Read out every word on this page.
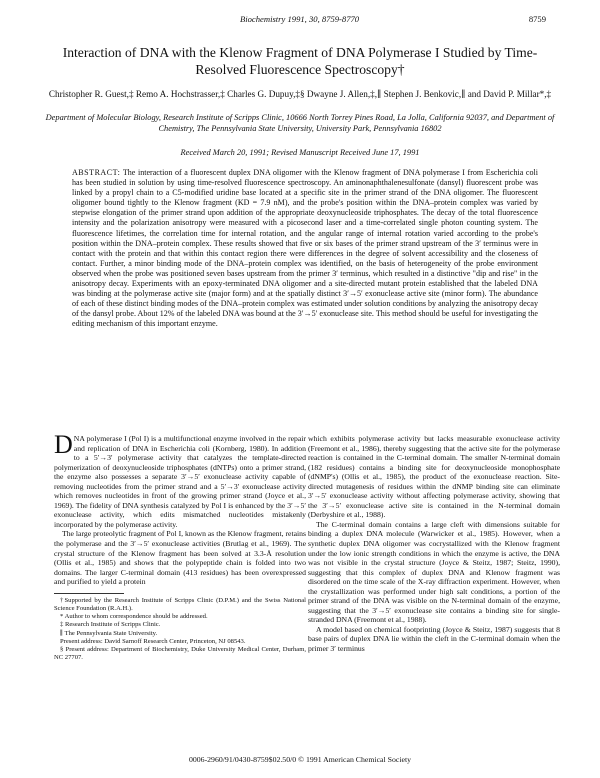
Biochemistry 1991, 30, 8759-8770	8759
Interaction of DNA with the Klenow Fragment of DNA Polymerase I Studied by Time-Resolved Fluorescence Spectroscopy†
Christopher R. Guest,‡ Remo A. Hochstrasser,‡ Charles G. Dupuy,‡§ Dwayne J. Allen,‡,∥ Stephen J. Benkovic,∥ and David P. Millar*,‡
Department of Molecular Biology, Research Institute of Scripps Clinic, 10666 North Torrey Pines Road, La Jolla, California 92037, and Department of Chemistry, The Pennsylvania State University, University Park, Pennsylvania 16802
Received March 20, 1991; Revised Manuscript Received June 17, 1991
ABSTRACT: The interaction of a fluorescent duplex DNA oligomer with the Klenow fragment of DNA polymerase I from Escherichia coli has been studied in solution by using time-resolved fluorescence spectroscopy. An aminonaphthalenesulfonate (dansyl) fluorescent probe was linked by a propyl chain to a C5-modified uridine base located at a specific site in the primer strand of the DNA oligomer. The fluorescent oligomer bound tightly to the Klenow fragment (KD = 7.9 nM), and the probe's position within the DNA–protein complex was varied by stepwise elongation of the primer strand upon addition of the appropriate deoxynucleoside triphosphates. The decay of the total fluorescence intensity and the polarization anisotropy were measured with a picosecond laser and a time-correlated single photon counting system. The fluorescence lifetimes, the correlation time for internal rotation, and the angular range of internal rotation varied according to the probe's position within the DNA–protein complex. These results showed that five or six bases of the primer strand upstream of the 3′ terminus were in contact with the protein and that within this contact region there were differences in the degree of solvent accessibility and the closeness of contact. Further, a minor binding mode of the DNA–protein complex was identified, on the basis of heterogeneity of the probe environment observed when the probe was positioned seven bases upstream from the primer 3′ terminus, which resulted in a distinctive "dip and rise" in the anisotropy decay. Experiments with an epoxy-terminated DNA oligomer and a site-directed mutant protein established that the labeled DNA was binding at the polymerase active site (major form) and at the spatially distinct 3′→5′ exonuclease active site (minor form). The abundance of each of these distinct binding modes of the DNA–protein complex was estimated under solution conditions by analyzing the anisotropy decay of the dansyl probe. About 12% of the labeled DNA was bound at the 3′→5′ exonuclease site. This method should be useful for investigating the editing mechanism of this important enzyme.

DNA polymerase I (Pol I) is a multifunctional enzyme involved in the repair and replication of DNA in Escherichia coli (Kornberg, 1980). In addition to a 5′→3′ polymerase activity that catalyzes the template-directed polymerization of deoxynucleoside triphosphates (dNTPs) onto a primer strand, the enzyme also possesses a separate 3′→5′ exonuclease activity capable of removing nucleotides from the primer strand and a 5′→3′ exonuclease activity which removes nucleotides in front of the growing primer strand (Joyce et al., 1969). The fidelity of DNA synthesis catalyzed by Pol I is enhanced by the 3′→5′ exonuclease activity, which edits mismatched nucleotides mistakenly incorporated by the polymerase activity.

The large proteolytic fragment of Pol I, known as the Klenow fragment, retains the polymerase and the 3′→5′ exonuclease activities (Brutlag et al., 1969). The crystal structure of the Klenow fragment has been solved at 3.3-Å resolution (Ollis et al., 1985) and shows that the polypeptide chain is folded into two domains. The larger C-terminal domain (413 residues) has been overexpressed and purified to yield a protein

†Supported by the Research Institute of Scripps Clinic (D.P.M.) and the Swiss National Science Foundation (R.A.H.).
* Author to whom correspondence should be addressed.
‡ Research Institute of Scripps Clinic.
∥ The Pennsylvania State University.
Present address: David Sarnoff Research Center, Princeton, NJ 08543.
§ Present address: Department of Biochemistry, Duke University Medical Center, Durham, NC 27707.

which exhibits polymerase activity but lacks measurable exonuclease activity (Freemont et al., 1986), thereby suggesting that the active site for the polymerase reaction is contained in the C-terminal domain. The smaller N-terminal domain (182 residues) contains a binding site for deoxynucleoside monophosphate (dNMP's) (Ollis et al., 1985), the product of the exonuclease reaction. Site-directed mutagenesis of residues within the dNMP binding site can eliminate 3′→5′ exonuclease activity without affecting polymerase activity, showing that the 3′→5′ exonuclease active site is contained in the N-terminal domain (Derbyshire et al., 1988).

The C-terminal domain contains a large cleft with dimensions suitable for binding a duplex DNA molecule (Warwicker et al., 1985). However, when a synthetic duplex DNA oligomer was cocrystallized with the Klenow fragment under the low ionic strength conditions in which the enzyme is active, the DNA was not visible in the crystal structure (Joyce & Steitz, 1987; Steitz, 1990), suggesting that this complex of duplex DNA and Klenow fragment was disordered on the time scale of the X-ray diffraction experiment. However, when the crystallization was performed under high salt conditions, a portion of the primer strand of the DNA was visible on the N-terminal domain of the enzyme, suggesting that the 3′→5′ exonuclease site contains a binding site for single-stranded DNA (Freemont et al., 1988).

A model based on chemical footprinting (Joyce & Steitz, 1987) suggests that 8 base pairs of duplex DNA lie within the cleft in the C-terminal domain when the primer 3′ terminus

0006-2960/91/0430-8759$02.50/0 © 1991 American Chemical Society
